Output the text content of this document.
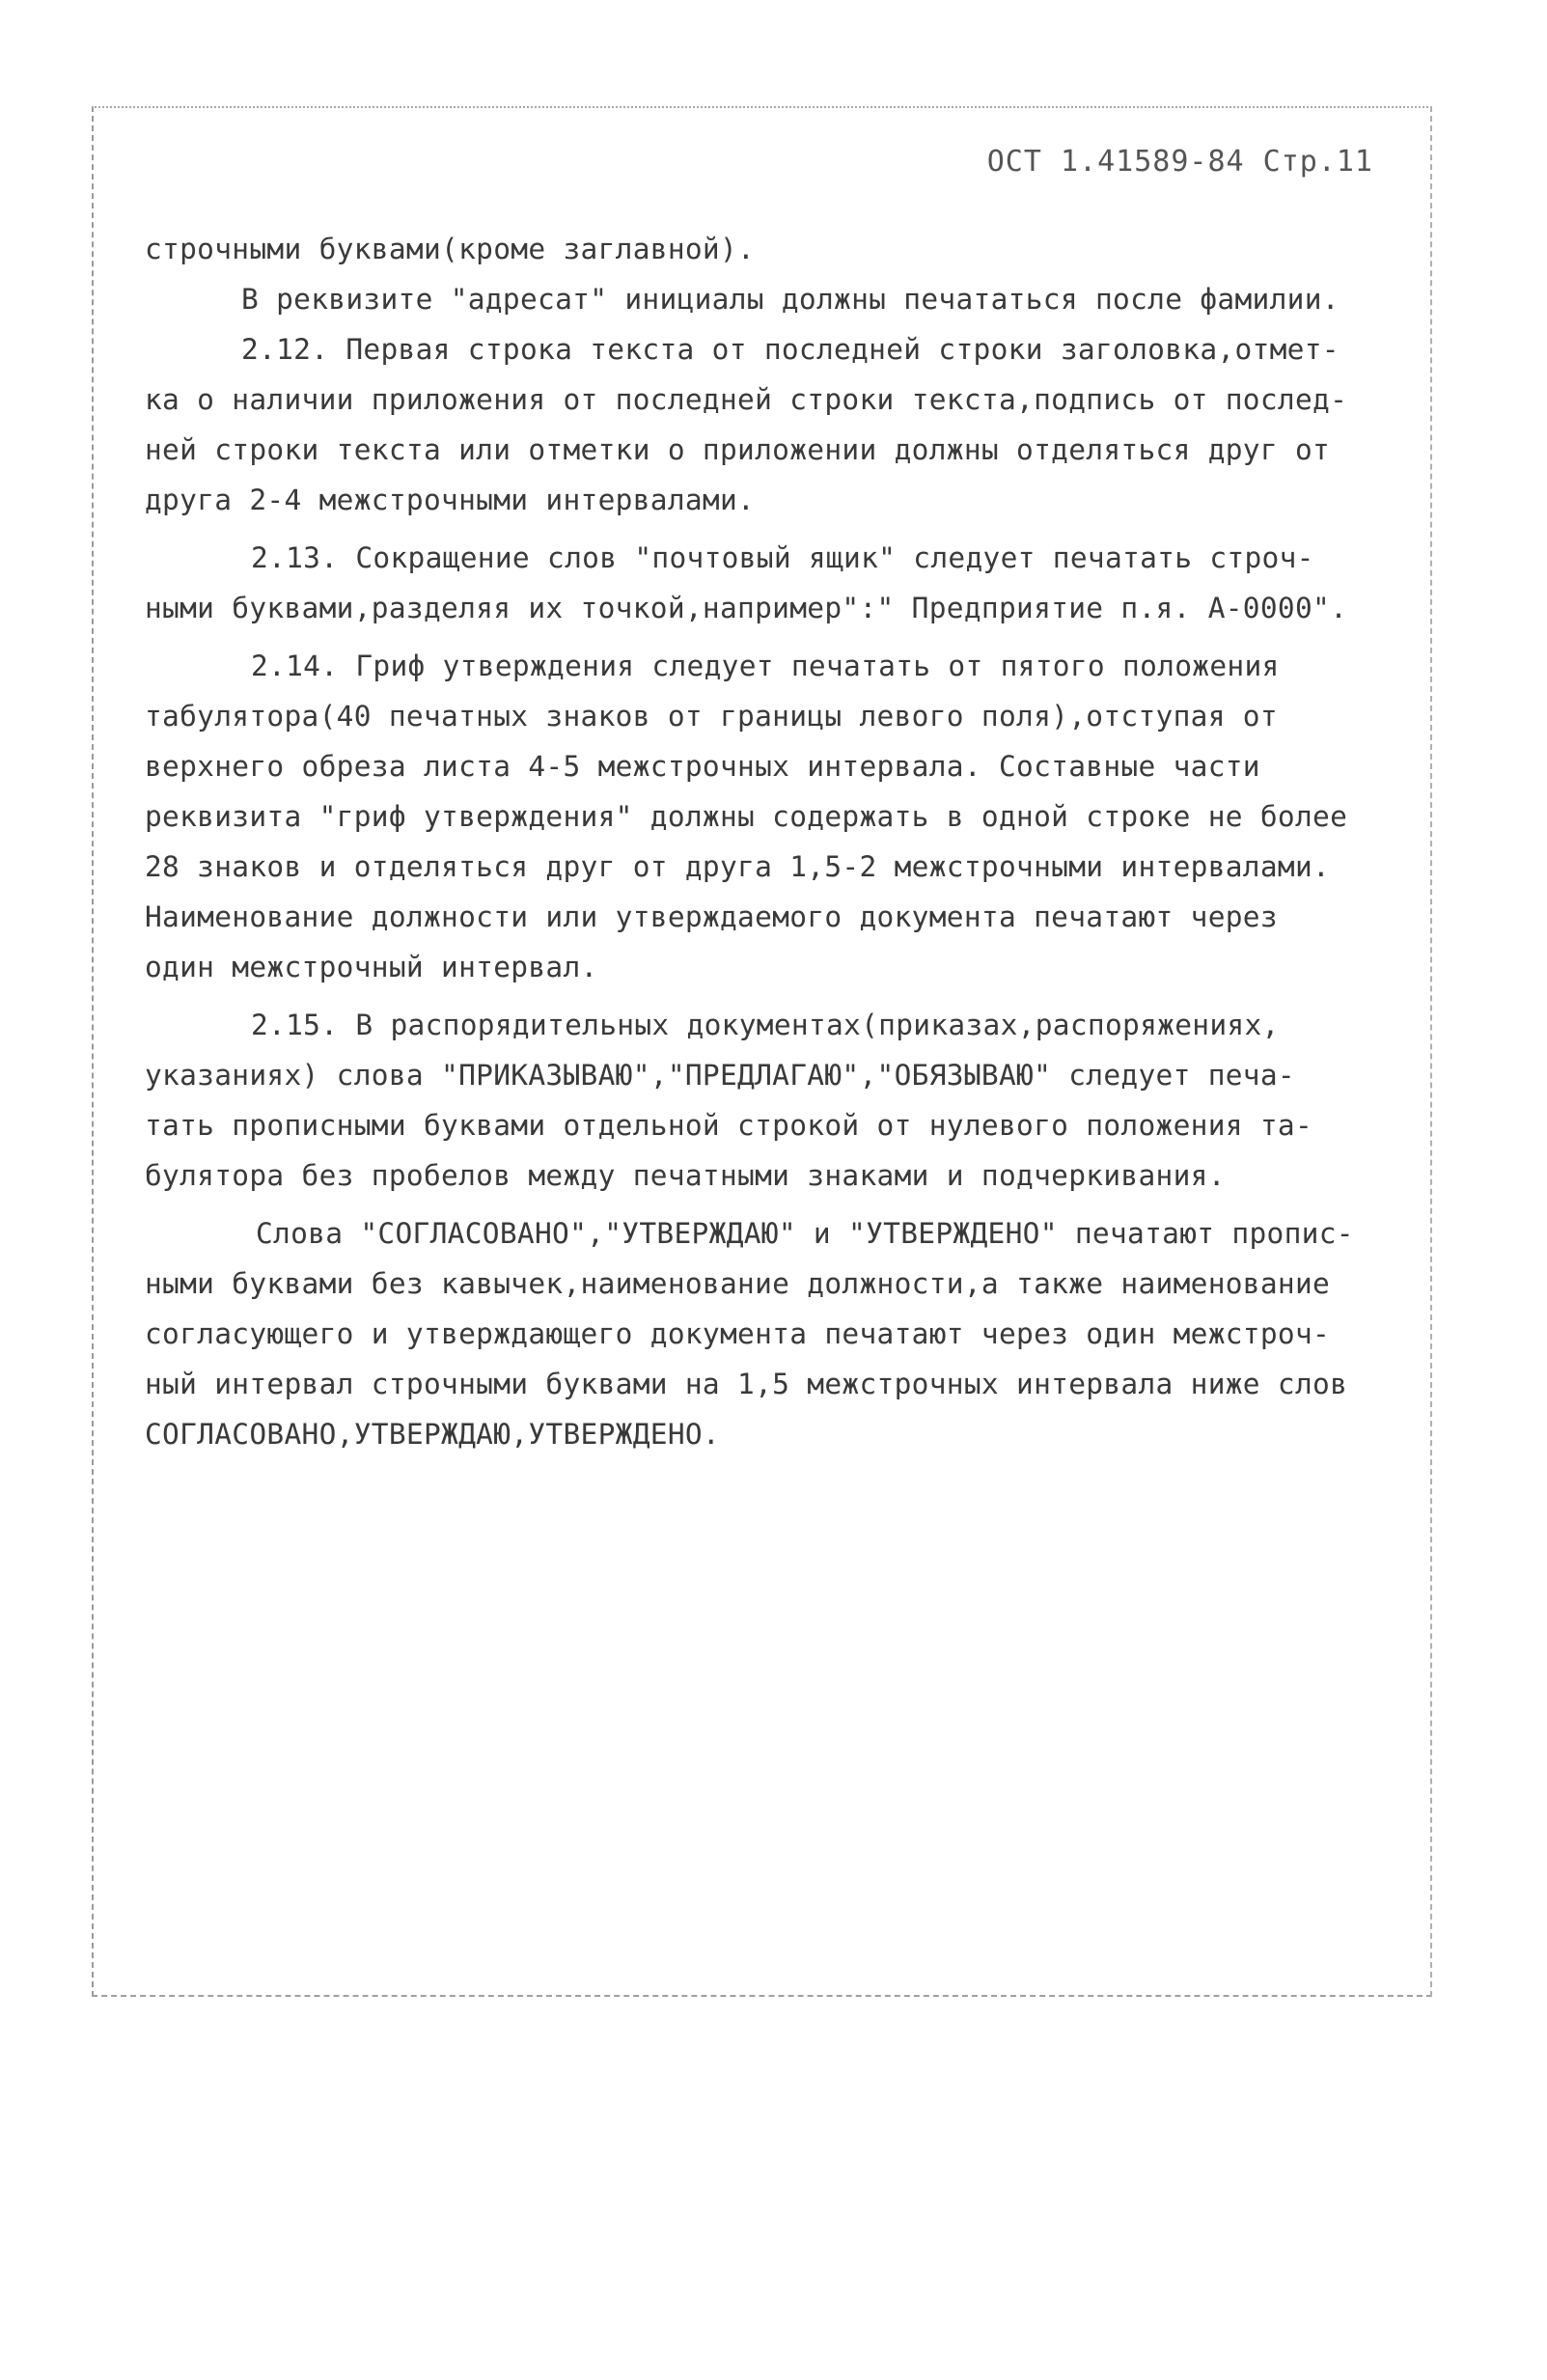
ОСТ 1.41589-84 Стр.11
строчными буквами(кроме заглавной).
В реквизите "адресат" инициалы должны печататься после фамилии.
2.12. Первая строка текста от последней строки заголовка,отмет-
ка о наличии приложения от последней строки текста,подпись от послед-
ней строки текста или отметки о приложении должны отделяться друг от
друга 2-4 межстрочными интервалами.
2.13. Сокращение слов "почтовый ящик" следует печатать строч-
ными буквами,разделяя их точкой,например":" Предприятие п.я. А-0000".
2.14. Гриф утверждения следует печатать от пятого положения
табулятора(40 печатных знаков от границы левого поля),отступая от
верхнего обреза листа 4-5 межстрочных интервала. Составные части
реквизита "гриф утверждения" должны содержать в одной строке не более
28 знаков и отделяться друг от друга 1,5-2 межстрочными интервалами.
Наименование должности или утверждаемого документа печатают через
один межстрочный интервал.
2.15. В распорядительных документах(приказах,распоряжениях,
указаниях) слова "ПРИКАЗЫВАЮ","ПРЕДЛАГАЮ","ОБЯЗЫВАЮ" следует печа-
тать прописными буквами отдельной строкой от нулевого положения та-
булятора без пробелов между печатными знаками и подчеркивания.
Слова "СОГЛАСОВАНО","УТВЕРЖДАЮ" и "УТВЕРЖДЕНО" печатают пропис-
ными буквами без кавычек,наименование должности,а также наименование
согласующего и утверждающего документа печатают через один межстроч-
ный интервал строчными буквами на 1,5 межстрочных интервала ниже слов
СОГЛАСОВАНО,УТВЕРЖДАЮ,УТВЕРЖДЕНО.
